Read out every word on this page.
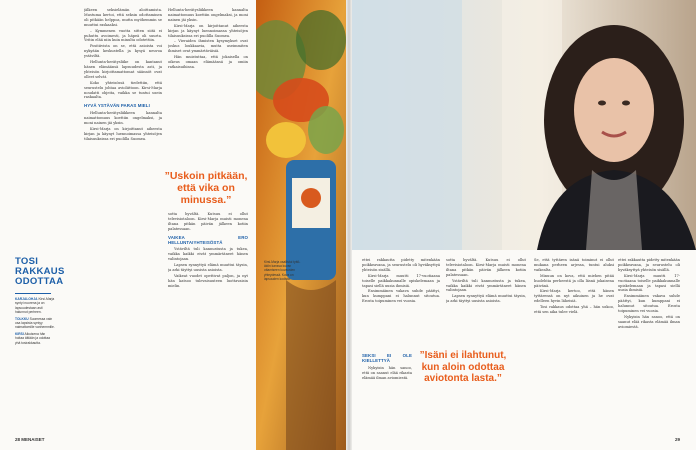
jälkeen seksielämän aloittamista. Mustuma kertoi, että seksin odottaminen oli pitkään helppoa, mutta myöhemmin se muuttui raskaaksi.

– Kymmenen vuotta sitten siitä ei puhuttu avoimesti, ja häpeä oli suurta. Yritin elää niin kuin minulta odotettiin.

Positiivista on se, että asioista voi nykyään keskustella ja kysyä neuvoa ystäviltä.

Hellunta-herätysliike on kantanut hänen elämäänsä lapsuudesta asti, ja yhteisön kirjoittamattomat säännöt ovat olleet selvät.

Koko yhteisössä tiedettiin, että seurustelu johtaa avioliittoon. Kirsi-Marja noudatti ohjeita, vaikka se tuntui usein raskaalta.

HYVÄ YSTÄVÄN PARAS MIELI

Hellunta-herätysliikkeen kannalta naimattomuus koettiin ongelmaksi, ja moni nainen jäi yksin.

Kirsi-Marja on kirjoittanut aiheesta kirjan ja käynyt luennoimassa yhteisöjen tilaisuuksissa eri puolilla Suomea.

Hellunta-herätysliikkeen kannalta naimattomuus koettiin ongelmaksi, ja moni nainen jäi yksin.

Kirsi-Marja on kirjoittanut aiheesta kirjan ja käynyt luennoimassa yhteisöjen tilaisuuksissa eri puolilla Suomea.

– Vieraiden ihmisten kysymykset ovat joskus loukkaavia, mutta useimmiten ihmiset ovat ymmärtäväisiä.

Hän muistuttaa, että jokaisella on oikeus omaan elämäänsä ja omiin ratkaisuihinsa.

sotta hyvältä. Kutsuu ei ollut televisiotaloon. Kirsi-Marja muisti monena iltana pitkän päivän jälkeen kotiin palatessaan.

VAIKEA ERO HELLUNTAIYHTEISÖSTÄ

Ystäviltä tuli kannustusta ja tukea, vaikka kaikki eivät ymmärtäneet hänen valintojaan.

Lapsen synnyttyä elämä muuttui täysin, ja arki täyttyi uusista asioista.

Vaikeat vuodet opettivat paljon, ja nyt hän katsoo tulevaisuuteen luottavaisin mielin.

”Uskoin pitkään, että vika on minussa.”
TOSI
RAKKAUS
ODOTTAA

KARJALOHJA Kirsi-Marja syntyi nuorena ja on lapsuudestaan asti halunnut perheen.

TOLKKU Suomessa vain osa lapsista syntyy naimattomille vanhemmille.

KIRSI Aikuisena hän hoitaa äitiään ja odottaa yhä tosirakkautta.

28 MENAISET
Kirsi-Marja osallistui tyttö- äidin kanssa kuvan ottamiseen kuvausten yhteydessä. Kuva on lapsuuden kodista.

ettei rakkautta pidetty mitenkään poikkeavana, ja seurustelu oli hyväksyttyä yhteisön sisällä.

Kirsi-Marja muutti 17-vuotiaana toiselle paikkakunnalle opiskelemaan ja tapasi siellä uusia ihmisiä.

Ensimmäinen vakava suhde päättyi, kun kumppani ei halunnut sitoutua. Erosta toipuminen vei vuosia.

SEKSI EI OLE KIELLETTYÄ

Nykyisin hän sanoo, että on saanut elää rikasta elämää ilman aviomiestä.

sotta hyvältä. Kutsuu ei ollut televisiotaloon. Kirsi-Marja muisti monena iltana pitkän päivän jälkeen kotiin palatessaan.

Ystäviltä tuli kannustusta ja tukea, vaikka kaikki eivät ymmärtäneet hänen valintojaan.

Lapsen synnyttyä elämä muuttui täysin, ja arki täyttyi uusista asioista.

”Isäni ei ilahtunut, kun aloin odottaa aviotonta lasta.”

Se, että tyttären isänä toiminut ei ollut mukana perheen arjessa, tuntui aluksi vaikealta.

Minuun on kova, että miehen pitää huolehtia perheestä ja olla läsnä jokaisena päivänä.

Kirsi-Marja kertoo, että hänen tyttärensä on nyt aikuinen ja he ovat edelleen hyvin läheisiä.

Tosi rakkaus odottaa yhä – hän uskoo, että sen aika tulee vielä.

ettei rakkautta pidetty mitenkään poikkeavana, ja seurustelu oli hyväksyttyä yhteisön sisällä.

Kirsi-Marja muutti 17-vuotiaana toiselle paikkakunnalle opiskelemaan ja tapasi siellä uusia ihmisiä.

Ensimmäinen vakava suhde päättyi, kun kumppani ei halunnut sitoutua. Erosta toipuminen vei vuosia.

Nykyisin hän sanoo, että on saanut elää rikasta elämää ilman aviomiestä.

29
